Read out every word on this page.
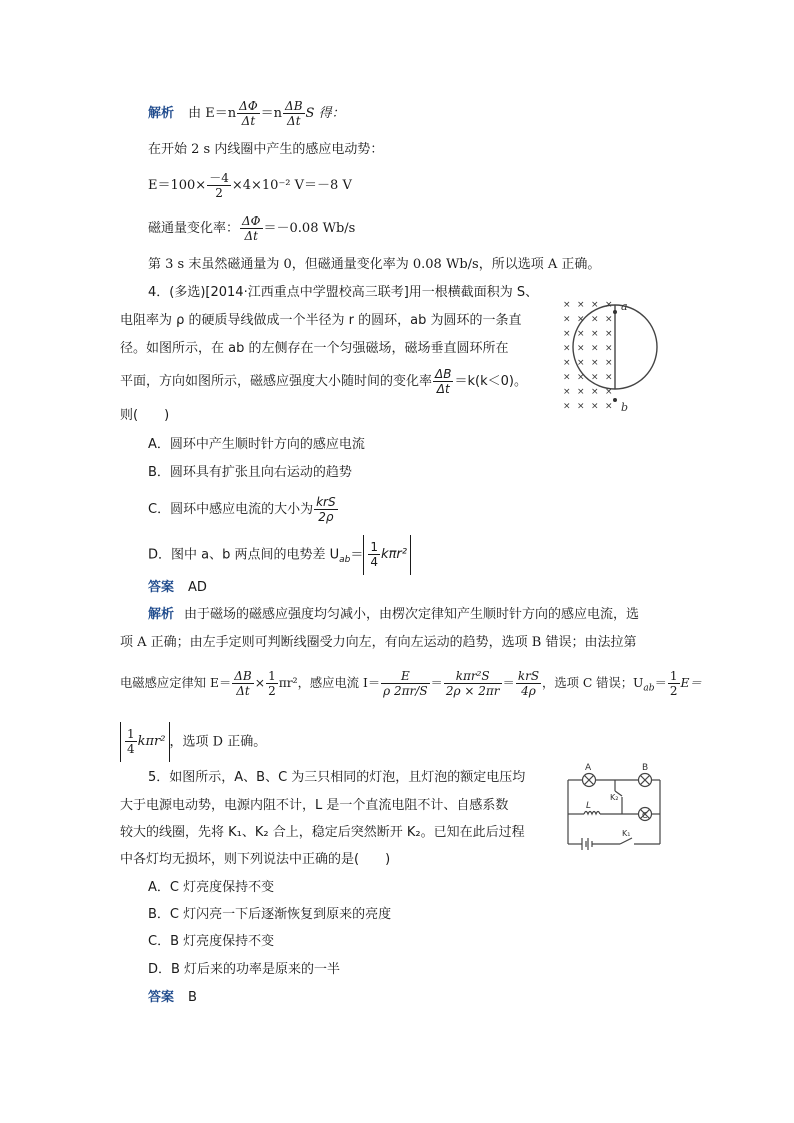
解析 由 $E=n \frac{\Delta\Phi}{\Delta t} =n \frac{\Delta B}{\Delta t}$ S 得：
在开始 2 s 内线圈中产生的感应电动势：
$E=100\times \frac{-4}{2} \times 4\times 10^{-2}$ V＝－8 V
磁通量变化率： $\frac{\Delta\Phi}{\Delta t} =-0.08$ Wb/s
第 3 s 末虽然磁通量为 0，但磁通量变化率为 0.08 Wb/s，所以选项 A 正确。
4．(多选)[2014·江西重点中学盟校高三联考]用一根横截面积为 S、
电阻率为 ρ 的硬质导线做成一个半径为 r 的圆环，ab 为圆环的一条直
径。如图所示，在 ab 的左侧存在一个匀强磁场，磁场垂直圆环所在
平面，方向如图所示，磁感应强度大小随时间的变化率 $\frac{\Delta B}{\Delta t} =k(k<0)$。
则(　　)
× × × ×
× × × ×
× × × ×
× × × ×
× × × ×
× × × ×
× × × ×
× × × ×
a
b
A．圆环中产生顺时针方向的感应电流
B．圆环具有扩张且向右运动的趋势
C．圆环中感应电流的大小为 $\frac{\text{krS}}{2\rho}$
D．图中 a、b 两点间的电势差 $U_{ab}= \frac{1}{4} k\pi r^2$
答案 AD
解析 由于磁场的磁感应强度均匀减小，由楞次定律知产生顺时针方向的感应电流，选
项 A 正确；由左手定则可判断线圈受力向左，有向左运动的趋势，选项 B 错误；由法拉第
电磁感应定律知 $E= \frac{\Delta B}{\Delta t} \times \frac{1}{2} \pi r^2$，感应电流 $I= \frac{E}{\rho 2\pi r/S} = \frac{\text{kπr²S}}{2\rho \times 2\pi r} = \frac{\text{krS}}{4\rho}$ ，选项 C 错误；$U_{ab}= \frac{1}{2} E=$
$\frac{1}{4} k\pi r^2$ ，选项 D 正确。
5．如图所示，A、B、C 为三只相同的灯泡，且灯泡的额定电压均
大于电源电动势，电源内阻不计，L 是一个直流电阻不计、自感系数
较大的线圈，先将 K₁、K₂ 合上，稳定后突然断开 K₂。已知在此后过程
中各灯均无损坏，则下列说法中正确的是(　　)
A	B
C
L
K₂
K₁
A．C 灯亮度保持不变
B．C 灯闪亮一下后逐渐恢复到原来的亮度
C．B 灯亮度保持不变
D．B 灯后来的功率是原来的一半
答案 B
